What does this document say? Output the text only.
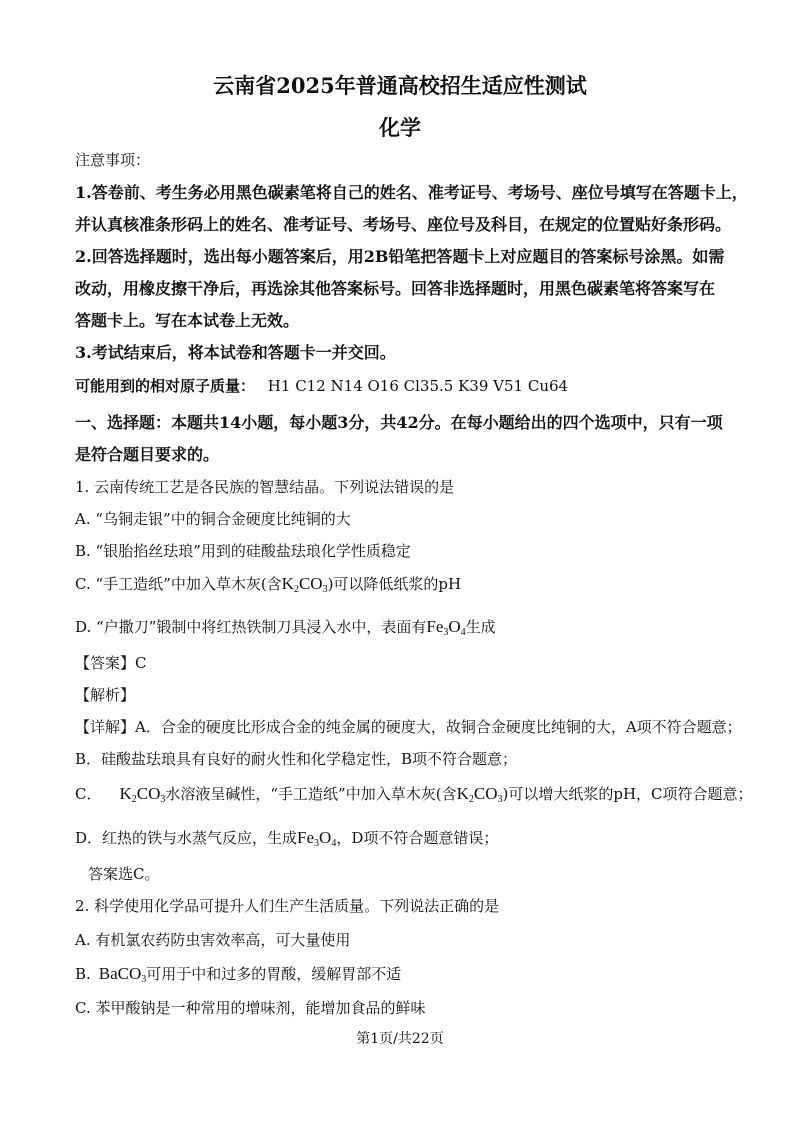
云南省2025年普通高校招生适应性测试
化学
注意事项：
1.答卷前、考生务必用黑色碳素笔将自己的姓名、准考证号、考场号、座位号填写在答题卡上，
并认真核准条形码上的姓名、准考证号、考场号、座位号及科目，在规定的位置贴好条形码。
2.回答选择题时，选出每小题答案后，用2B铅笔把答题卡上对应题目的答案标号涂黑。如需
改动，用橡皮擦干净后，再选涂其他答案标号。回答非选择题时，用黑色碳素笔将答案写在
答题卡上。写在本试卷上无效。
3.考试结束后，将本试卷和答题卡一并交回。
可能用到的相对原子质量： H1 C12 N14 O16 Cl35.5 K39 V51 Cu64
一、选择题：本题共14小题，每小题3分，共42分。在每小题给出的四个选项中，只有一项
是符合题目要求的。
1. 云南传统工艺是各民族的智慧结晶。下列说法错误的是
A. “乌铜走银”中的铜合金硬度比纯铜的大
B. “银胎掐丝珐琅”用到的硅酸盐珐琅化学性质稳定
C. “手工造纸”中加入草木灰(含$K_2CO_3$)可以降低纸浆的pH
D. “户撒刀”锻制中将红热铁制刀具浸入水中，表面有$Fe_3O_4$生成
【答案】C
【解析】
【详解】A．合金的硬度比形成合金的纯金属的硬度大，故铜合金硬度比纯铜的大，A项不符合题意；
B．硅酸盐珐琅具有良好的耐火性和化学稳定性，B项不符合题意；
C． $K_2CO_3$水溶液呈碱性，“手工造纸”中加入草木灰(含$K_2CO_3$)可以增大纸浆的pH，C项符合题意；
D．红热的铁与水蒸气反应，生成$Fe_3O_4$，D项不符合题意错误；
答案选C。
2. 科学使用化学品可提升人们生产生活质量。下列说法正确的是
A. 有机氯农药防虫害效率高，可大量使用
B. BaCO$_3$可用于中和过多的胃酸，缓解胃部不适
C. 苯甲酸钠是一种常用的增味剂，能增加食品的鲜味
第1页/共22页
